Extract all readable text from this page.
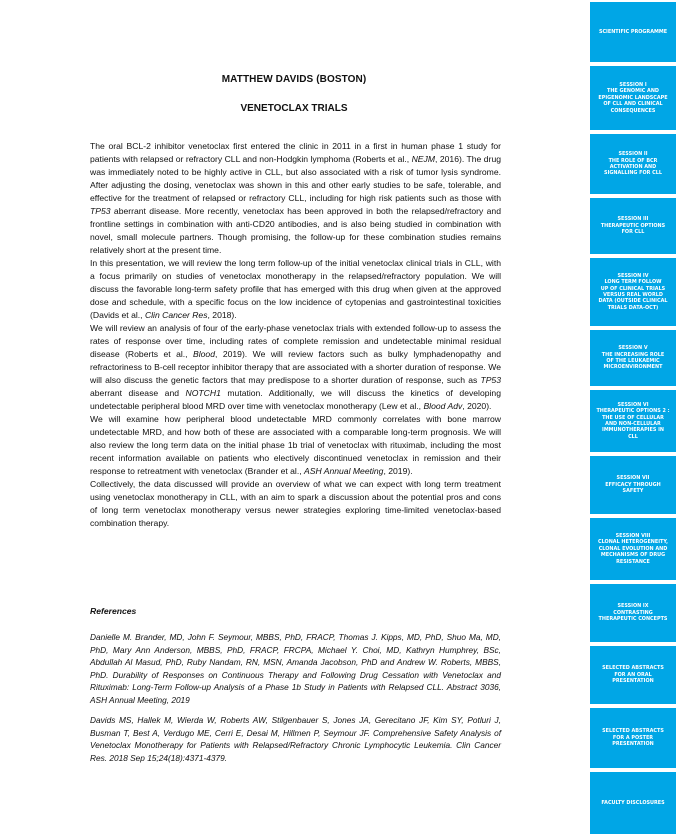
MATTHEW DAVIDS (BOSTON)
VENETOCLAX TRIALS

The oral BCL-2 inhibitor venetoclax first entered the clinic in 2011 in a first in human phase 1 study for patients with relapsed or refractory CLL and non-Hodgkin lymphoma (Roberts et al., NEJM, 2016). The drug was immediately noted to be highly active in CLL, but also associated with a risk of tumor lysis syndrome. After adjusting the dosing, venetoclax was shown in this and other early studies to be safe, tolerable, and effective for the treatment of relapsed or refractory CLL, including for high risk patients such as those with TP53 aberrant disease. More recently, venetoclax has been approved in both the relapsed/refractory and frontline settings in combination with anti-CD20 antibodies, and is also being studied in combination with novel, small molecule partners. Though promising, the follow-up for these combination studies remains relatively short at the present time.

In this presentation, we will review the long term follow-up of the initial venetoclax clinical trials in CLL, with a focus primarily on studies of venetoclax monotherapy in the relapsed/refractory population. We will discuss the favorable long-term safety profile that has emerged with this drug when given at the approved dose and schedule, with a specific focus on the low incidence of cytopenias and gastrointestinal toxicities (Davids et al., Clin Cancer Res, 2018).

We will review an analysis of four of the early-phase venetoclax trials with extended follow-up to assess the rates of response over time, including rates of complete remission and undetectable minimal residual disease (Roberts et al., Blood, 2019). We will review factors such as bulky lymphadenopathy and refractoriness to B-cell receptor inhibitor therapy that are associated with a shorter duration of response. We will also discuss the genetic factors that may predispose to a shorter duration of response, such as TP53 aberrant disease and NOTCH1 mutation. Additionally, we will discuss the kinetics of developing undetectable peripheral blood MRD over time with venetoclax monotherapy (Lew et al., Blood Adv, 2020).

We will examine how peripheral blood undetectable MRD commonly correlates with bone marrow undetectable MRD, and how both of these are associated with a comparable long-term prognosis. We will also review the long term data on the initial phase 1b trial of venetoclax with rituximab, including the most recent information available on patients who electively discontinued venetoclax in remission and their response to retreatment with venetoclax (Brander et al., ASH Annual Meeting, 2019).

Collectively, the data discussed will provide an overview of what we can expect with long term treatment using venetoclax monotherapy in CLL, with an aim to spark a discussion about the potential pros and cons of long term venetoclax monotherapy versus newer strategies exploring time-limited venetoclax-based combination therapy.

References
Danielle M. Brander, MD, John F. Seymour, MBBS, PhD, FRACP, Thomas J. Kipps, MD, PhD, Shuo Ma, MD, PhD, Mary Ann Anderson, MBBS, PhD, FRACP, FRCPA, Michael Y. Choi, MD, Kathryn Humphrey, BSc, Abdullah Al Masud, PhD, Ruby Nandam, RN, MSN, Amanda Jacobson, PhD and Andrew W. Roberts, MBBS, PhD. Durability of Responses on Continuous Therapy and Following Drug Cessation with Venetoclax and Rituximab: Long-Term Follow-up Analysis of a Phase 1b Study in Patients with Relapsed CLL. Abstract 3036, ASH Annual Meeting, 2019
Davids MS, Hallek M, Wierda W, Roberts AW, Stilgenbauer S, Jones JA, Gerecitano JF, Kim SY, Potluri J, Busman T, Best A, Verdugo ME, Cerri E, Desai M, Hillmen P, Seymour JF. Comprehensive Safety Analysis of Venetoclax Monotherapy for Patients with Relapsed/Refractory Chronic Lymphocytic Leukemia. Clin Cancer Res. 2018 Sep 15;24(18):4371-4379.
SCIENTIFIC PROGRAMME
SESSION I
THE GENOMIC AND
EPIGENOMIC LANDSCAPE
OF CLL AND CLINICAL
CONSEQUENCES
SESSION II
THE ROLE OF BCR
ACTIVATION AND
SIGNALLING FOR CLL
SESSION III
THERAPEUTIC OPTIONS
FOR CLL
SESSION IV
LONG TERM FOLLOW
UP OF CLINICAL TRIALS
VERSUS REAL WORLD
DATA (OUTSIDE CLINICAL
TRIALS DATA-OCT)
SESSION V
THE INCREASING ROLE
OF THE LEUKAEMIC
MICROENVIRONMENT
SESSION VI
THERAPEUTIC OPTIONS 2 :
THE USE OF CELLULAR
AND NON-CELLULAR
IMMUNOTHERAPIES IN
CLL
SESSION VII
EFFICACY THROUGH
SAFETY
SESSION VIII
CLONAL HETEROGENEITY,
CLONAL EVOLUTION AND
MECHANISMS OF DRUG
RESISTANCE
SESSION IX
CONTRASTING
THERAPEUTIC CONCEPTS
SELECTED ABSTRACTS
FOR AN ORAL
PRESENTATION
SELECTED ABSTRACTS
FOR A POSTER
PRESENTATION
FACULTY DISCLOSURES
